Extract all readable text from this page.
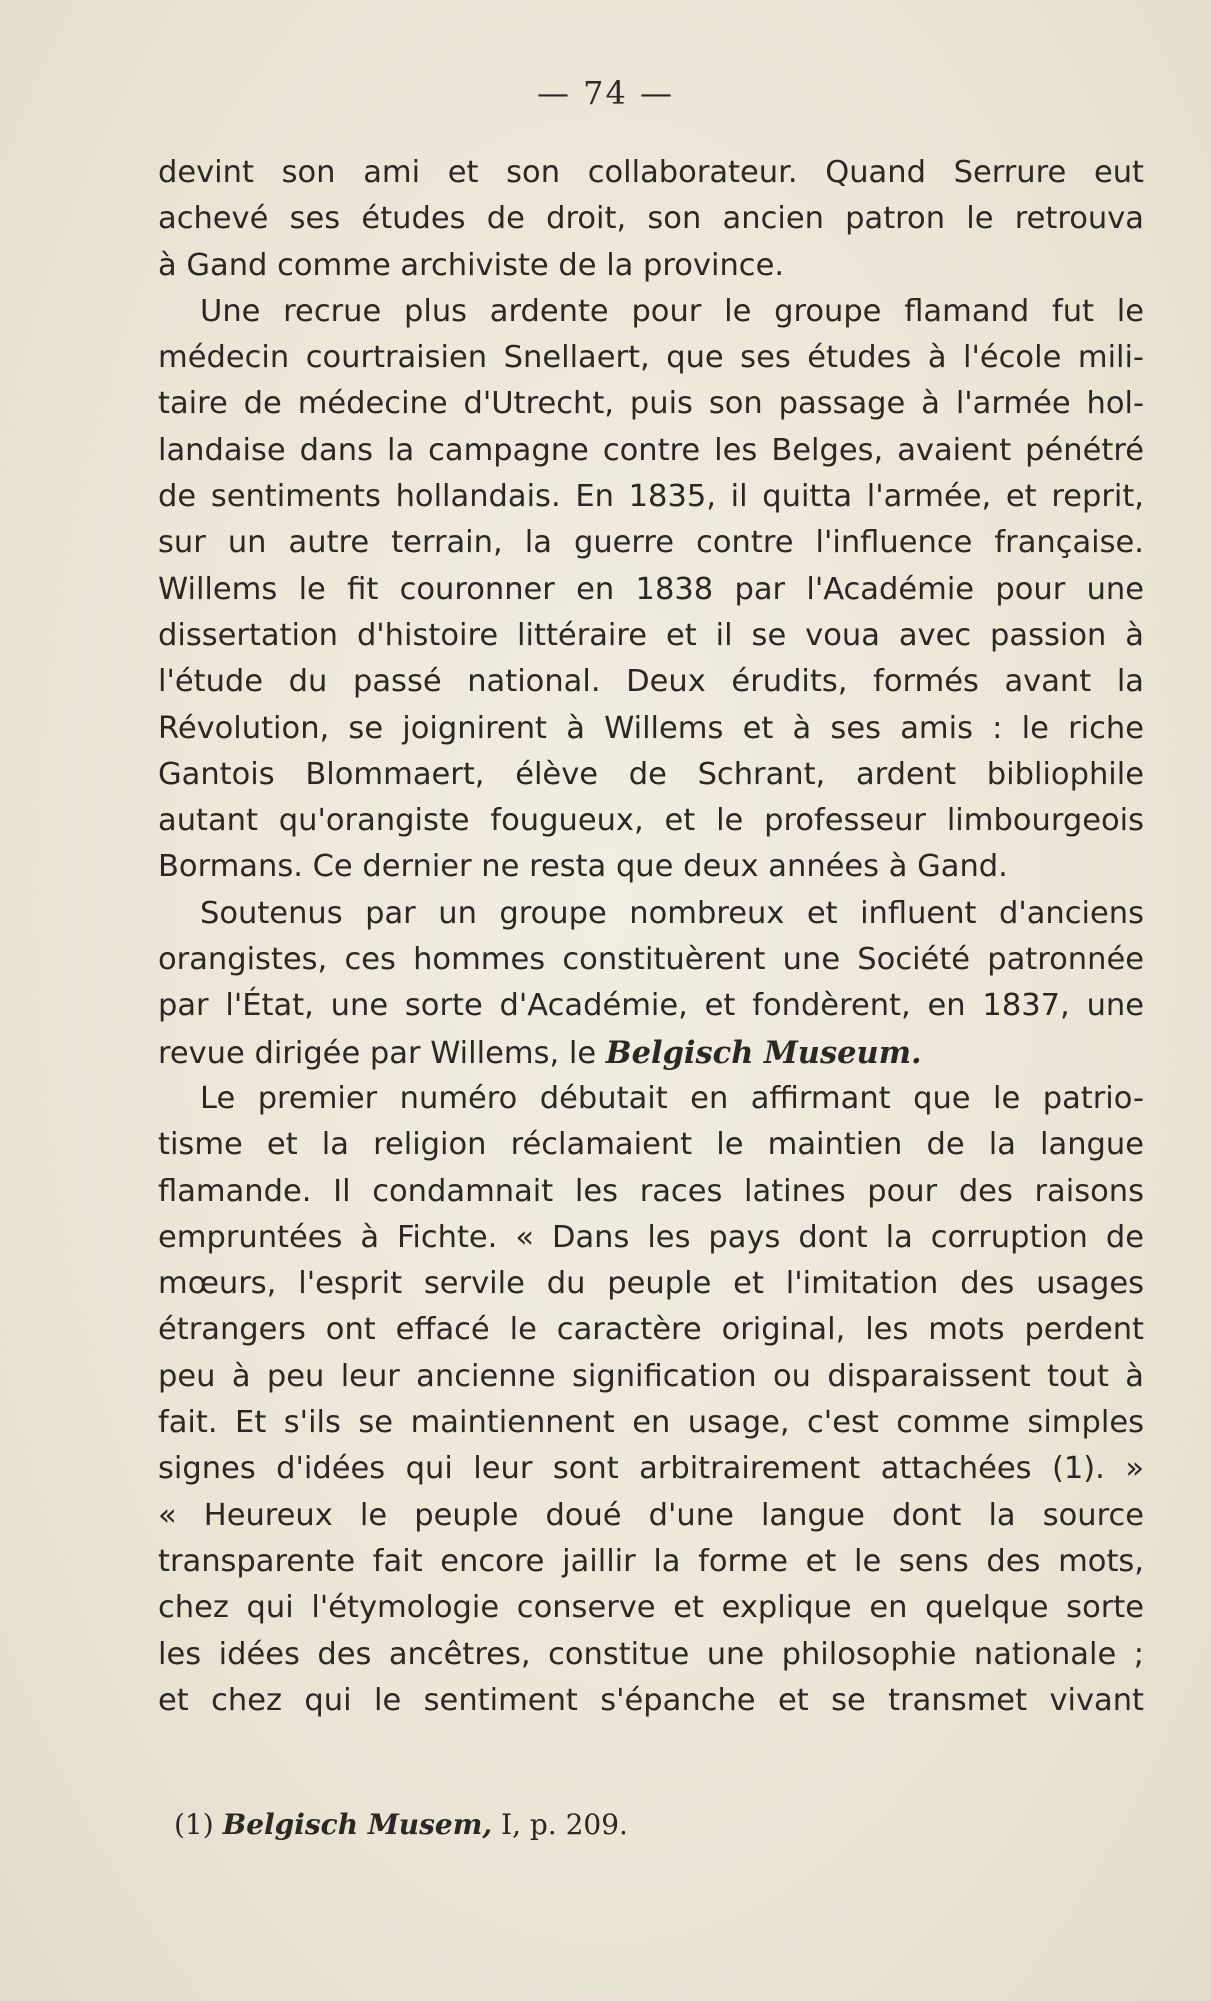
— 74 —
devint son ami et son collaborateur. Quand Serrure eut
achevé ses études de droit, son ancien patron le retrouva
à Gand comme archiviste de la province.
Une recrue plus ardente pour le groupe flamand fut le
médecin courtraisien Snellaert, que ses études à l'école mili-
taire de médecine d'Utrecht, puis son passage à l'armée hol-
landaise dans la campagne contre les Belges, avaient pénétré
de sentiments hollandais. En 1835, il quitta l'armée, et reprit,
sur un autre terrain, la guerre contre l'influence française.
Willems le fit couronner en 1838 par l'Académie pour une
dissertation d'histoire littéraire et il se voua avec passion à
l'étude du passé national. Deux érudits, formés avant la
Révolution, se joignirent à Willems et à ses amis : le riche
Gantois Blommaert, élève de Schrant, ardent bibliophile
autant qu'orangiste fougueux, et le professeur limbourgeois
Bormans. Ce dernier ne resta que deux années à Gand.
Soutenus par un groupe nombreux et influent d'anciens
orangistes, ces hommes constituèrent une Société patronnée
par l'État, une sorte d'Académie, et fondèrent, en 1837, une
revue dirigée par Willems, le Belgisch Museum.
Le premier numéro débutait en affirmant que le patrio-
tisme et la religion réclamaient le maintien de la langue
flamande. Il condamnait les races latines pour des raisons
empruntées à Fichte. « Dans les pays dont la corruption de
mœurs, l'esprit servile du peuple et l'imitation des usages
étrangers ont effacé le caractère original, les mots perdent
peu à peu leur ancienne signification ou disparaissent tout à
fait. Et s'ils se maintiennent en usage, c'est comme simples
signes d'idées qui leur sont arbitrairement attachées (1). »
« Heureux le peuple doué d'une langue dont la source
transparente fait encore jaillir la forme et le sens des mots,
chez qui l'étymologie conserve et explique en quelque sorte
les idées des ancêtres, constitue une philosophie nationale ;
et chez qui le sentiment s'épanche et se transmet vivant
(1) Belgisch Musem, I, p. 209.
